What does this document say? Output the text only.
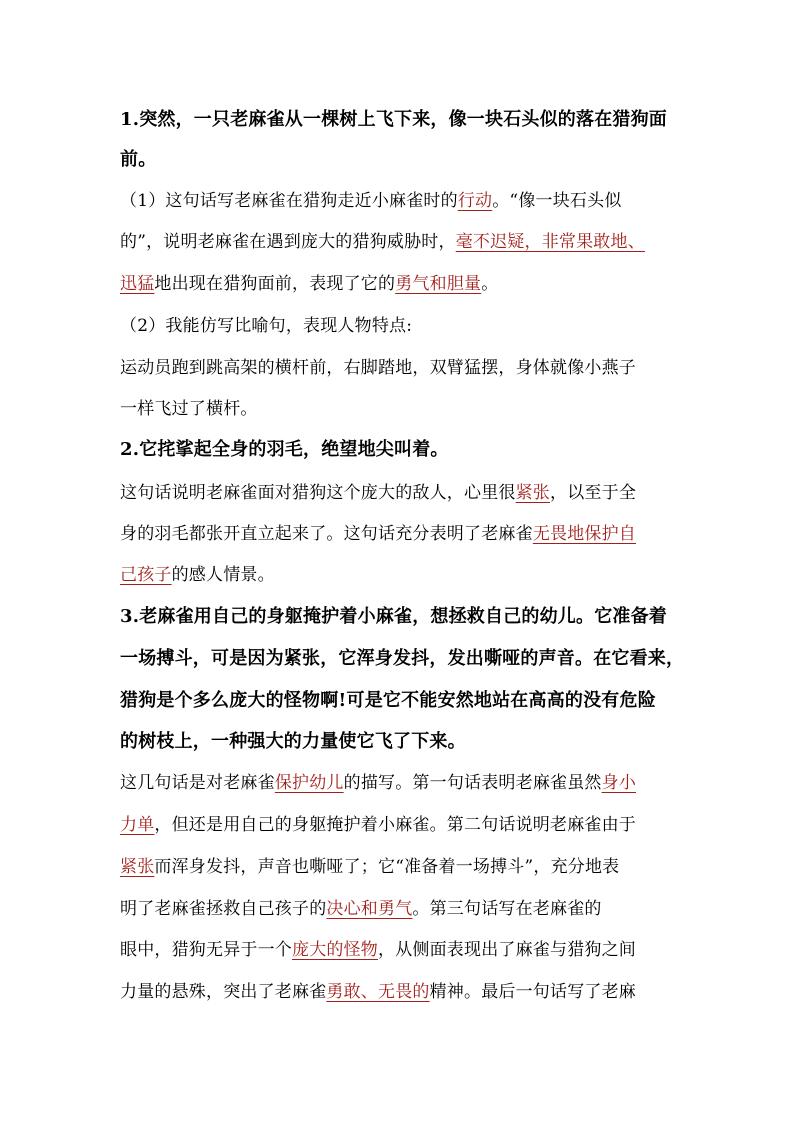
1.突然，一只老麻雀从一棵树上飞下来，像一块石头似的落在猎狗面
前。
（1）这句话写老麻雀在猎狗走近小麻雀时的行动。“像一块石头似
的”，说明老麻雀在遇到庞大的猎狗威胁时，毫不迟疑，非常果敢地、
迅猛地出现在猎狗面前，表现了它的勇气和胆量。
（2）我能仿写比喻句，表现人物特点:
运动员跑到跳高架的横杆前，右脚踏地，双臂猛摆，身体就像小燕子
一样飞过了横杆。
2.它挓挲起全身的羽毛，绝望地尖叫着。
这句话说明老麻雀面对猎狗这个庞大的敌人，心里很紧张，以至于全
身的羽毛都张开直立起来了。这句话充分表明了老麻雀无畏地保护自
己孩子的感人情景。
3.老麻雀用自己的身躯掩护着小麻雀，想拯救自己的幼儿。它准备着
一场搏斗，可是因为紧张，它浑身发抖，发出嘶哑的声音。在它看来，
猎狗是个多么庞大的怪物啊!可是它不能安然地站在高高的没有危险
的树枝上，一种强大的力量使它飞了下来。
这几句话是对老麻雀保护幼儿的描写。第一句话表明老麻雀虽然身小
力单，但还是用自己的身躯掩护着小麻雀。第二句话说明老麻雀由于
紧张而浑身发抖，声音也嘶哑了；它“准备着一场搏斗”，充分地表
明了老麻雀拯救自己孩子的决心和勇气。第三句话写在老麻雀的
眼中，猎狗无异于一个庞大的怪物，从侧面表现出了麻雀与猎狗之间
力量的悬殊，突出了老麻雀勇敢、无畏的精神。最后一句话写了老麻
